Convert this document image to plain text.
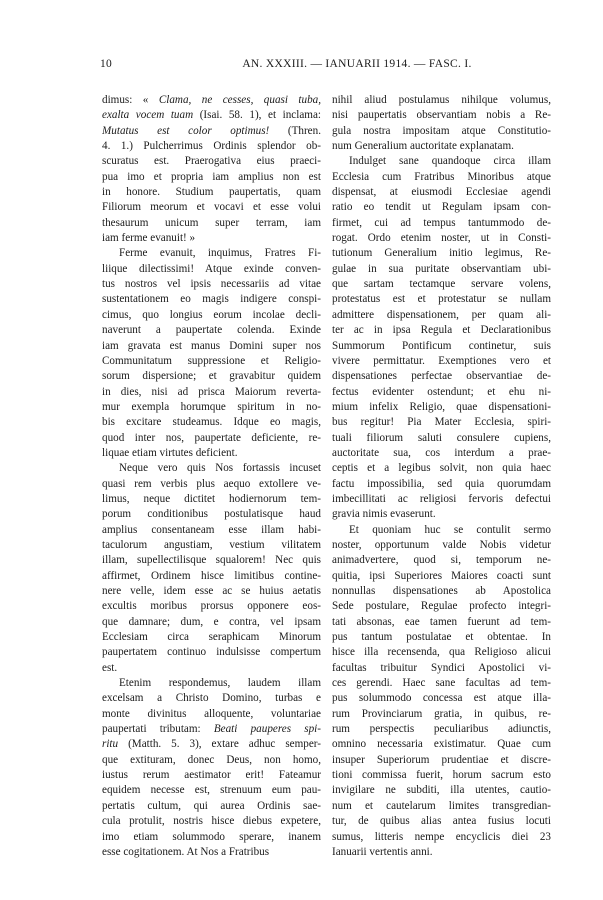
10	AN. XXXIII. — IANUARII 1914. — FASC. I.

dimus: « Clama, ne cesses, quasi tuba,
exalta vocem tuam (Isai. 58. 1), et inclama:
Mutatus est color optimus! (Thren.
4. 1.) Pulcherrimus Ordinis splendor ob-
scuratus est. Praerogativa eius praeci-
pua imo et propria iam amplius non est
in honore. Studium paupertatis, quam
Filiorum meorum et vocavi et esse volui
thesaurum unicum super terram, iam
iam ferme evanuit! »

Ferme evanuit, inquimus, Fratres Fi-
liique dilectissimi! Atque exinde conven-
tus nostros vel ipsis necessariis ad vitae
sustentationem eo magis indigere conspi-
cimus, quo longius eorum incolae decli-
naverunt a paupertate colenda. Exinde
iam gravata est manus Domini super nos
Communitatum suppressione et Religio-
sorum dispersione; et gravabitur quidem
in dies, nisi ad prisca Maiorum reverta-
mur exempla horumque spiritum in no-
bis excitare studeamus. Idque eo magis,
quod inter nos, paupertate deficiente, re-
liquae etiam virtutes deficient.

Neque vero quis Nos fortassis incuset
quasi rem verbis plus aequo extollere ve-
limus, neque dictitet hodiernorum tem-
porum conditionibus postulatisque haud
amplius consentaneam esse illam habi-
taculorum angustiam, vestium vilitatem
illam, supellectilisque squalorem! Nec quis
affirmet, Ordinem hisce limitibus contine-
nere velle, idem esse ac se huius aetatis
excultis moribus prorsus opponere eos-
que damnare; dum, e contra, vel ipsam
Ecclesiam circa seraphicam Minorum
paupertatem continuo indulsisse compertum
est.

Etenim respondemus, laudem illam
excelsam a Christo Domino, turbas e
monte divinitus alloquente, voluntariae
paupertati tributam: Beati pauperes spi-
ritu (Matth. 5. 3), extare adhuc semper-
que extituram, donec Deus, non homo,
iustus rerum aestimator erit! Fateamur
equidem necesse est, strenuum eum pau-
pertatis cultum, qui aurea Ordinis sae-
cula protulit, nostris hisce diebus expetere,
imo etiam solummodo sperare, inanem
esse cogitationem. At Nos a Fratribus

nihil aliud postulamus nihilque volumus,
nisi paupertatis observantiam nobis a Re-
gula nostra impositam atque Constitutio-
num Generalium auctoritate explanatam.

Indulget sane quandoque circa illam
Ecclesia cum Fratribus Minoribus atque
dispensat, at eiusmodi Ecclesiae agendi
ratio eo tendit ut Regulam ipsam con-
firmet, cui ad tempus tantummodo de-
rogat. Ordo etenim noster, ut in Consti-
tutionum Generalium initio legimus, Re-
gulae in sua puritate observantiam ubi-
que sartam tectamque servare volens,
protestatus est et protestatur se nullam
admittere dispensationem, per quam ali-
ter ac in ipsa Regula et Declarationibus
Summorum Pontificum continetur, suis
vivere permittatur. Exemptiones vero et
dispensationes perfectae observantiae de-
fectus evidenter ostendunt; et ehu ni-
mium infelix Religio, quae dispensationi-
bus regitur! Pia Mater Ecclesia, spiri-
tuali filiorum saluti consulere cupiens,
auctoritate sua, cos interdum a prae-
ceptis et a legibus solvit, non quia haec
factu impossibilia, sed quia quorumdam
imbecillitati ac religiosi fervoris defectui
gravia nimis evaserunt.

Et quoniam huc se contulit sermo
noster, opportunum valde Nobis videtur
animadvertere, quod si, temporum ne-
quitia, ipsi Superiores Maiores coacti sunt
nonnullas dispensationes ab Apostolica
Sede postulare, Regulae profecto integri-
tati absonas, eae tamen fuerunt ad tem-
pus tantum postulatae et obtentae. In
hisce illa recensenda, qua Religioso alicui
facultas tribuitur Syndici Apostolici vi-
ces gerendi. Haec sane facultas ad tem-
pus solummodo concessa est atque illa-
rum Provinciarum gratia, in quibus, re-
rum perspectis peculiaribus adiunctis,
omnino necessaria existimatur. Quae cum
insuper Superiorum prudentiae et discre-
tioni commissa fuerit, horum sacrum esto
invigilare ne subditi, illa utentes, cautio-
num et cautelarum limites transgredian-
tur, de quibus alias antea fusius locuti
sumus, litteris nempe encyclicis diei 23
Ianuarii vertentis anni.
